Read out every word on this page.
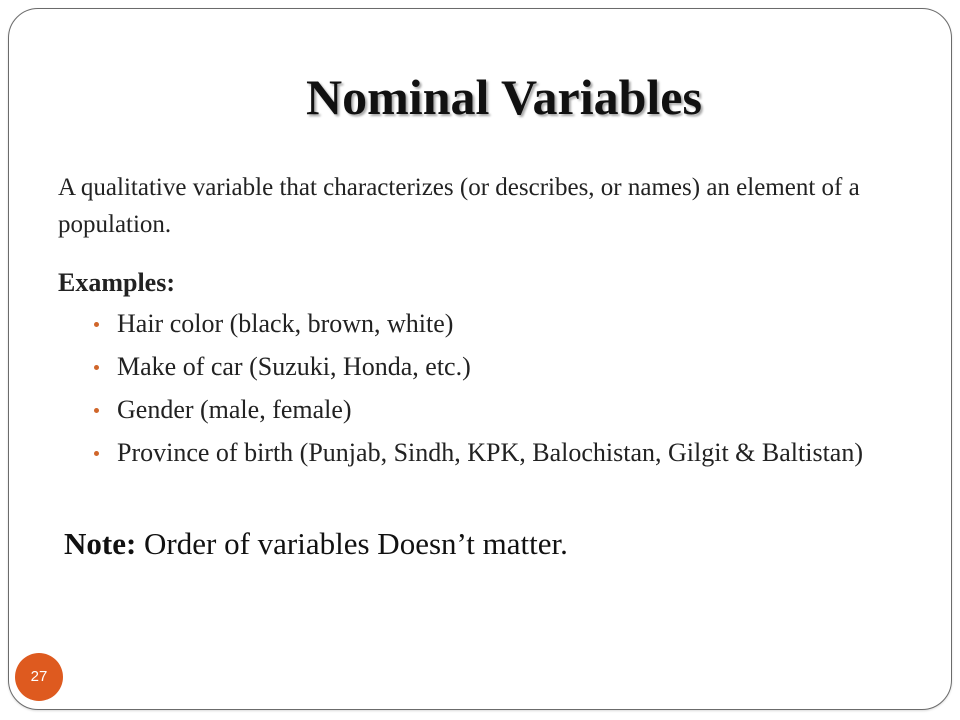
Nominal Variables
A qualitative variable that characterizes (or describes, or names) an element of a population.
Examples:
Hair color (black, brown, white)
Make of car (Suzuki, Honda, etc.)
Gender (male, female)
Province of birth (Punjab, Sindh, KPK, Balochistan, Gilgit & Baltistan)
Note: Order of variables Doesn’t matter.
27
